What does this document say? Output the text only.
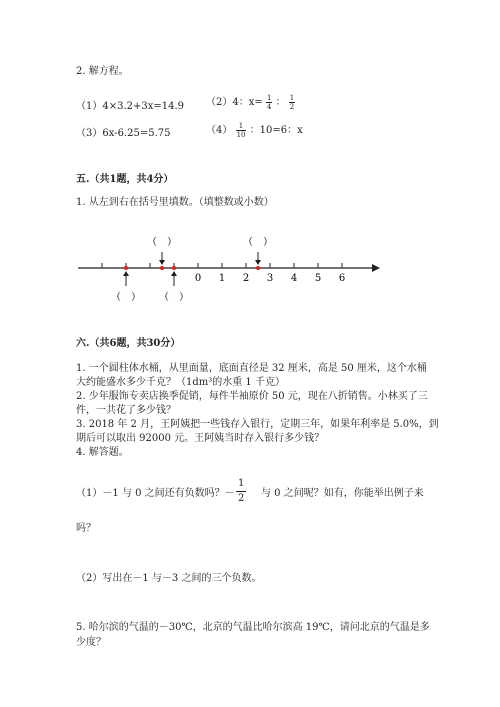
2. 解方程。
（1）4×3.2+3x=14.9 （2）4：$x= \frac{1}{4}$ ： $\frac{1}{2}$
（3）6x-6.25=5.75	$(4) \frac{1}{10}$ ：10=6：x
五.（共1题，共4分）
1. 从左到右在括号里填数。（填整数或小数）
0 1 2 3 4 5 6
（　）	（　）
（　） （　）
六.（共6题，共30分）
1. 一个圆柱体水桶，从里面量，底面直径是 32 厘米，高是 50 厘米，这个水桶
大约能盛水多少千克？（1dm³的水重 1 千克）
2. 少年服饰专卖店换季促销，每件半袖原价 50 元，现在八折销售。小林买了三
件，一共花了多少钱？
3. 2018 年 2 月，王阿姨把一些钱存入银行，定期三年，如果年利率是 5.0%，到
期后可以取出 92000 元。王阿姨当时存入银行多少钱？
4. 解答题。
（1）－1 与 0 之间还有负数吗？－ $\frac{1}{2}$ 与 0 之间呢？如有，你能举出例子来
吗？
（2）写出在－1 与－3 之间的三个负数。
5. 哈尔滨的气温的－30℃，北京的气温比哈尔滨高 19℃，请问北京的气温是多
少度？
